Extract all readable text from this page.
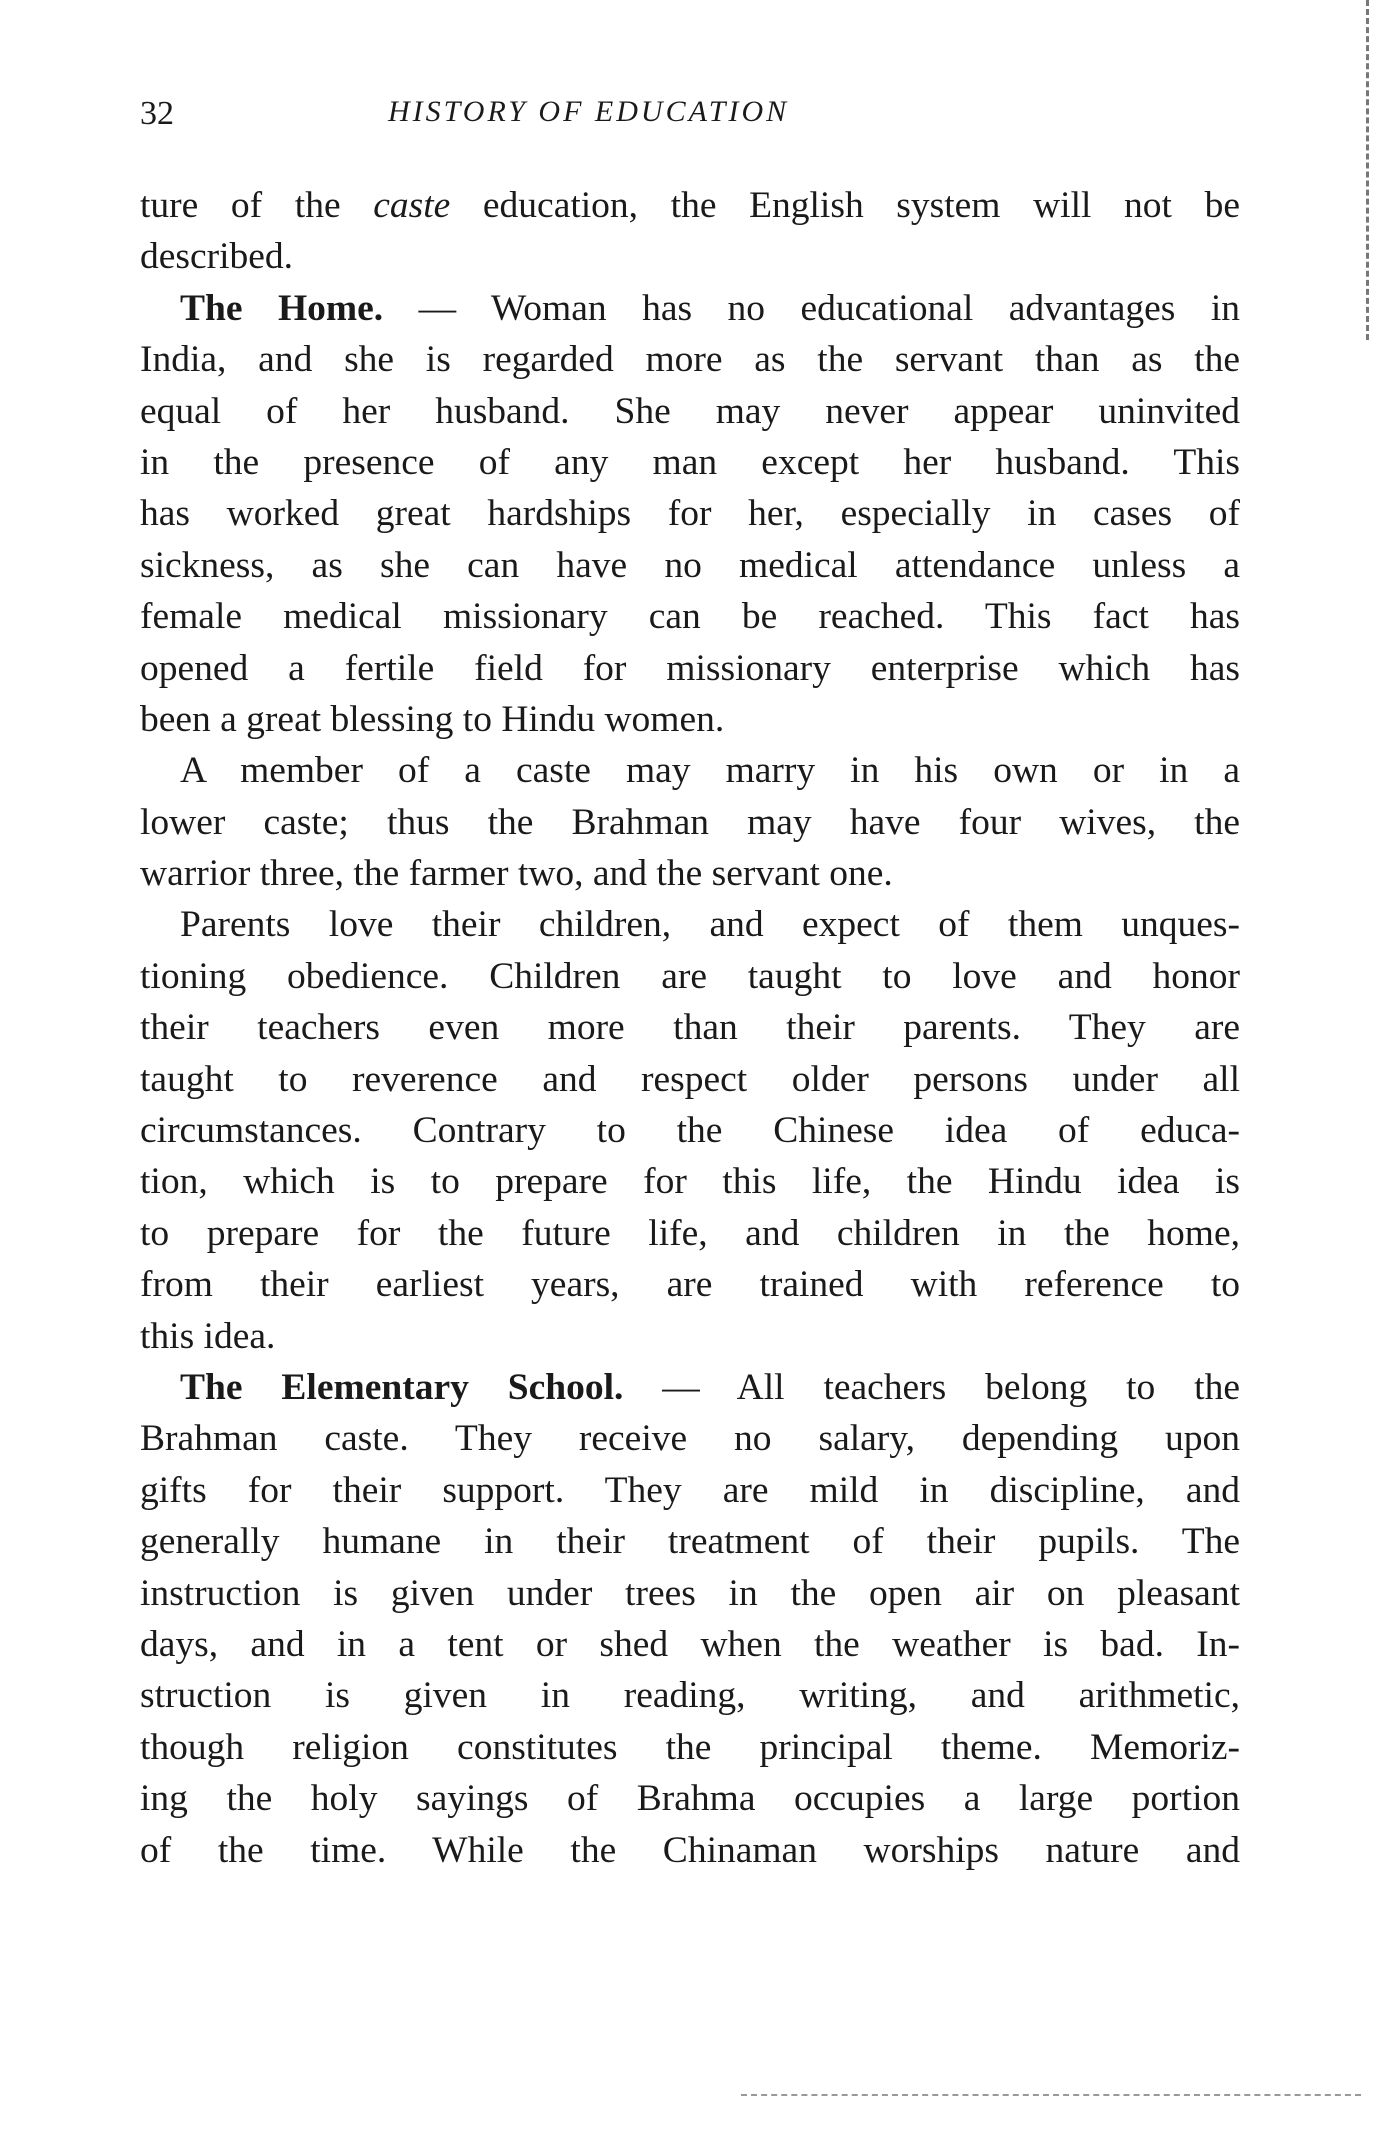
32	HISTORY OF EDUCATION
ture of the caste education, the English system will not be
described.
The Home. — Woman has no educational advantages in
India, and she is regarded more as the servant than as the
equal of her husband. She may never appear uninvited
in the presence of any man except her husband. This
has worked great hardships for her, especially in cases of
sickness, as she can have no medical attendance unless a
female medical missionary can be reached. This fact has
opened a fertile field for missionary enterprise which has
been a great blessing to Hindu women.
A member of a caste may marry in his own or in a
lower caste; thus the Brahman may have four wives, the
warrior three, the farmer two, and the servant one.
Parents love their children, and expect of them unques-
tioning obedience. Children are taught to love and honor
their teachers even more than their parents. They are
taught to reverence and respect older persons under all
circumstances. Contrary to the Chinese idea of educa-
tion, which is to prepare for this life, the Hindu idea is
to prepare for the future life, and children in the home,
from their earliest years, are trained with reference to
this idea.
The Elementary School. — All teachers belong to the
Brahman caste. They receive no salary, depending upon
gifts for their support. They are mild in discipline, and
generally humane in their treatment of their pupils. The
instruction is given under trees in the open air on pleasant
days, and in a tent or shed when the weather is bad. In-
struction is given in reading, writing, and arithmetic,
though religion constitutes the principal theme. Memoriz-
ing the holy sayings of Brahma occupies a large portion
of the time. While the Chinaman worships nature and
